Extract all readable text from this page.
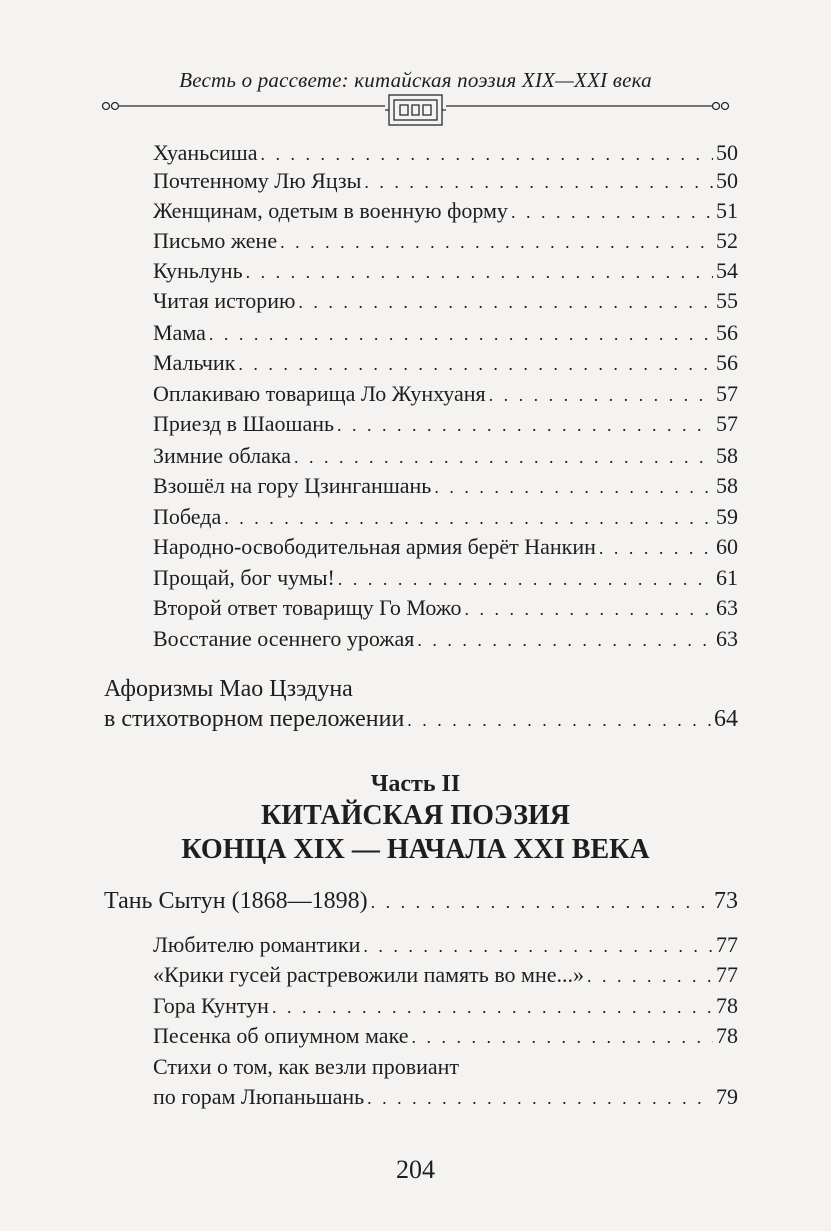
Весть о рассвете: китайская поэзия XIX—XXI века
Хуаньсиша . . .	50
Почтенному Лю Яцзы . . .	50
Женщинам, одетым в военную форму . . .	51
Письмо жене . . .	52
Куньлунь . . .	54
Читая историю . . .	55
Мама . . .	56
Мальчик . . .	56
Оплакиваю товарища Ло Жунхуаня . . .	57
Приезд в Шаошань . . .	57
Зимние облака . . .	58
Взошёл на гору Цзинганшань . . .	58
Победа . . .	59
Народно-освободительная армия берёт Нанкин . . .	60
Прощай, бог чумы! . . .	61
Второй ответ товарищу Го Можо . . .	63
Восстание осеннего урожая . . .	63
Афоризмы Мао Цзэдуна
в стихотворном переложении . . .	64
Часть II
КИТАЙСКАЯ ПОЭЗИЯ
КОНЦА XIX — НАЧАЛА XXI ВЕКА
Тань Сытун (1868—1898) . . .	73
Любителю романтики . . .	77
«Крики гусей растревожили память во мне...» . . .	77
Гора Кунтун . . .	78
Песенка об опиумном маке . . .	78
Стихи о том, как везли провиант
по горам Люпаньшань . . .	79
204
